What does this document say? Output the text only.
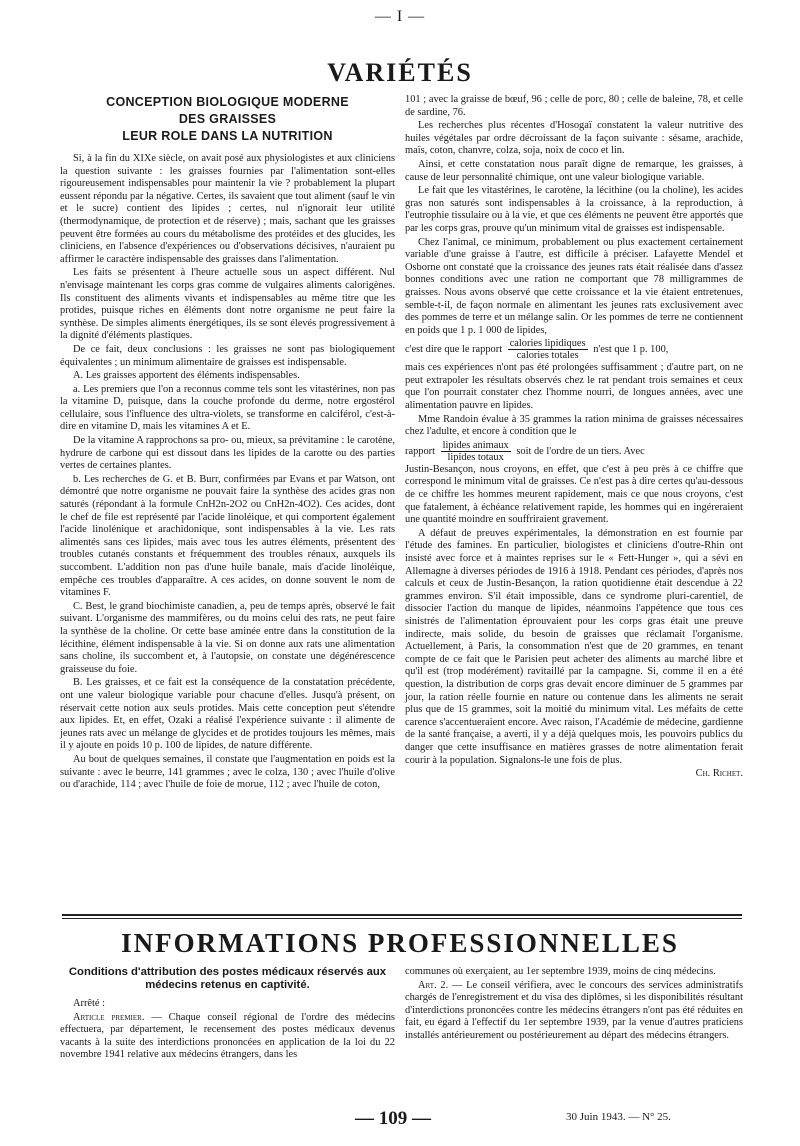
— I —
VARIÉTÉS
CONCEPTION BIOLOGIQUE MODERNE
DES GRAISSES
LEUR ROLE DANS LA NUTRITION

Si, à la fin du XIXe siècle, on avait posé aux physiologistes et aux cliniciens la question suivante : les graisses fournies par l'alimentation sont-elles rigoureusement indispensables pour maintenir la vie ? probablement la plupart eussent répondu par la négative. Certes, ils savaient que tout aliment (sauf le vin et le sucre) contient des lipides ; certes, nul n'ignorait leur utilité (thermodynamique, de protection et de réserve) ; mais, sachant que les graisses peuvent être formées au cours du métabolisme des protéides et des glucides, les cliniciens, en l'absence d'expériences ou d'observations décisives, n'auraient pu affirmer le caractère indispensable des graisses dans l'alimentation.

Les faits se présentent à l'heure actuelle sous un aspect différent. Nul n'envisage maintenant les corps gras comme de vulgaires aliments calorigènes. Ils constituent des aliments vivants et indispensables au même titre que les protides, puisque riches en éléments dont notre organisme ne peut faire la synthèse. De simples aliments énergétiques, ils se sont élevés progressivement à la dignité d'éléments plastiques.

De ce fait, deux conclusions : les graisses ne sont pas biologiquement équivalentes ; un minimum alimentaire de graisses est indispensable.

A. Les graisses apportent des éléments indispensables.

a. Les premiers que l'on a reconnus comme tels sont les vitastérines, non pas la vitamine D, puisque, dans la couche profonde du derme, notre ergostérol cellulaire, sous l'influence des ultra-violets, se transforme en calciférol, c'est-à-dire en vitamine D, mais les vitamines A et E.

De la vitamine A rapprochons sa pro- ou, mieux, sa prévitamine : le carotène, hydrure de carbone qui est dissout dans les lipides de la carotte ou des parties vertes de certaines plantes.

b. Les recherches de G. et B. Burr, confirmées par Evans et par Watson, ont démontré que notre organisme ne pouvait faire la synthèse des acides gras non saturés (répondant à la formule CnH2n-2O2 ou CnH2n-4O2). Ces acides, dont le chef de file est représenté par l'acide linoléique, et qui comportent également l'acide linolénique et arachidonique, sont indispensables à la vie. Les rats alimentés sans ces lipides, mais avec tous les autres éléments, présentent des troubles cutanés constants et fréquemment des troubles rénaux, auxquels ils succombent. L'addition non pas d'une huile banale, mais d'acide linoléique, empêche ces troubles d'apparaître. A ces acides, on donne souvent le nom de vitamines F.

C. Best, le grand biochimiste canadien, a, peu de temps après, observé le fait suivant. L'organisme des mammifères, ou du moins celui des rats, ne peut faire la synthèse de la choline. Or cette base aminée entre dans la constitution de la lécithine, élément indispensable à la vie. Si on donne aux rats une alimentation sans choline, ils succombent et, à l'autopsie, on constate une dégénérescence graisseuse du foie.

B. Les graisses, et ce fait est la conséquence de la constatation précédente, ont une valeur biologique variable pour chacune d'elles. Jusqu'à présent, on réservait cette notion aux seuls protides. Mais cette conception peut s'étendre aux lipides. Et, en effet, Ozaki a réalisé l'expérience suivante : il alimente de jeunes rats avec un mélange de glycides et de protides toujours les mêmes, mais il y ajoute en poids 10 p. 100 de lipides, de nature différente.

Au bout de quelques semaines, il constate que l'augmentation en poids est la suivante : avec le beurre, 141 grammes ; avec le colza, 130 ; avec l'huile d'olive ou d'arachide, 114 ; avec l'huile de foie de morue, 112 ; avec l'huile de coton,

101 ; avec la graisse de bœuf, 96 ; celle de porc, 80 ; celle de baleine, 78, et celle de sardine, 76.

Les recherches plus récentes d'Hosogaï constatent la valeur nutritive des huiles végétales par ordre décroissant de la façon suivante : sésame, arachide, maïs, coton, chanvre, colza, soja, noix de coco et lin.

Ainsi, et cette constatation nous paraît digne de remarque, les graisses, à cause de leur personnalité chimique, ont une valeur biologique variable.

Le fait que les vitastérines, le carotène, la lécithine (ou la choline), les acides gras non saturés sont indispensables à la croissance, à la reproduction, à l'eutrophie tissulaire ou à la vie, et que ces éléments ne peuvent être apportés que par les corps gras, prouve qu'un minimum vital de graisses est indispensable.

Chez l'animal, ce minimum, probablement ou plus exactement certainement variable d'une graisse à l'autre, est difficile à préciser. Lafayette Mendel et Osborne ont constaté que la croissance des jeunes rats était réalisée dans d'assez bonnes conditions avec une ration ne comportant que 78 milligrammes de graisses. Nous avons observé que cette croissance et la vie étaient entretenues, semble-t-il, de façon normale en alimentant les jeunes rats exclusivement avec des pommes de terre et un mélange salin. Or les pommes de terre ne contiennent en poids que 1 p. 1 000 de lipides,

c'est dire que le rapport $\frac{\text{calories lipidiques}}{\text{calories totales}} n'est$ que 1 p. 100,

mais ces expériences n'ont pas été prolongées suffisamment ; d'autre part, on ne peut extrapoler les résultats observés chez le rat pendant trois semaines et ceux que l'on pourrait constater chez l'homme nourri, de longues années, avec une alimentation pauvre en lipides.

Mme Randoin évalue à 35 grammes la ration minima de graisses nécessaires chez l'adulte, et encore à condition que le

rapport $\frac{\text{lipides animaux}}{\text{lipides totaux}}$ soit de l'ordre de un tiers. Avec

Justin-Besançon, nous croyons, en effet, que c'est à peu près à ce chiffre que correspond le minimum vital de graisses. Ce n'est pas à dire certes qu'au-dessous de ce chiffre les hommes meurent rapidement, mais ce que nous croyons, c'est que fatalement, à échéance relativement rapide, les hommes qui en ingéreraient une quantité moindre en souffriraient gravement.

A défaut de preuves expérimentales, la démonstration en est fournie par l'étude des famines. En particulier, biologistes et cliniciens d'outre-Rhin ont insisté avec force et à maintes reprises sur le « Fett-Hunger », qui a sévi en Allemagne à diverses périodes de 1916 à 1918. Pendant ces périodes, d'après nos calculs et ceux de Justin-Besançon, la ration quotidienne était descendue à 22 grammes environ. S'il était impossible, dans ce syndrome pluri-carentiel, de dissocier l'action du manque de lipides, néanmoins l'appétence que tous ces sinistrés de l'alimentation éprouvaient pour les corps gras était une preuve indirecte, mais solide, du besoin de graisses que réclamait l'organisme. Actuellement, à Paris, la consommation n'est que de 20 grammes, en tenant compte de ce fait que le Parisien peut acheter des aliments au marché libre et qu'il est (trop modérément) ravitaillé par la campagne. Si, comme il en a été question, la distribution de corps gras devait encore diminuer de 5 grammes par jour, la ration réelle fournie en nature ou contenue dans les aliments ne serait plus que de 15 grammes, soit la moitié du minimum vital. Les méfaits de cette carence s'accentueraient encore. Avec raison, l'Académie de médecine, gardienne de la santé française, a averti, il y a déjà quelques mois, les pouvoirs publics du danger que cette insuffisance en matières grasses de notre alimentation ferait courir à la population. Signalons-le une fois de plus.

Ch. Richet.

INFORMATIONS PROFESSIONNELLES
Conditions d'attribution des postes médicaux réservés aux médecins retenus en captivité.

Arrêté :

Article premier. — Chaque conseil régional de l'ordre des médecins effectuera, par département, le recensement des postes médicaux devenus vacants à la suite des interdictions prononcées en application de la loi du 22 novembre 1941 relative aux médecins étrangers, dans les

communes où exerçaient, au 1er septembre 1939, moins de cinq médecins.

Art. 2. — Le conseil vérifiera, avec le concours des services administratifs chargés de l'enregistrement et du visa des diplômes, si les disponibilités résultant d'interdictions prononcées contre les médecins étrangers n'ont pas été réduites en fait, eu égard à l'effectif du 1er septembre 1939, par la venue d'autres praticiens installés antérieurement ou postérieurement au départ des médecins étrangers.

— 109 —	30 Juin 1943. — N° 25.
